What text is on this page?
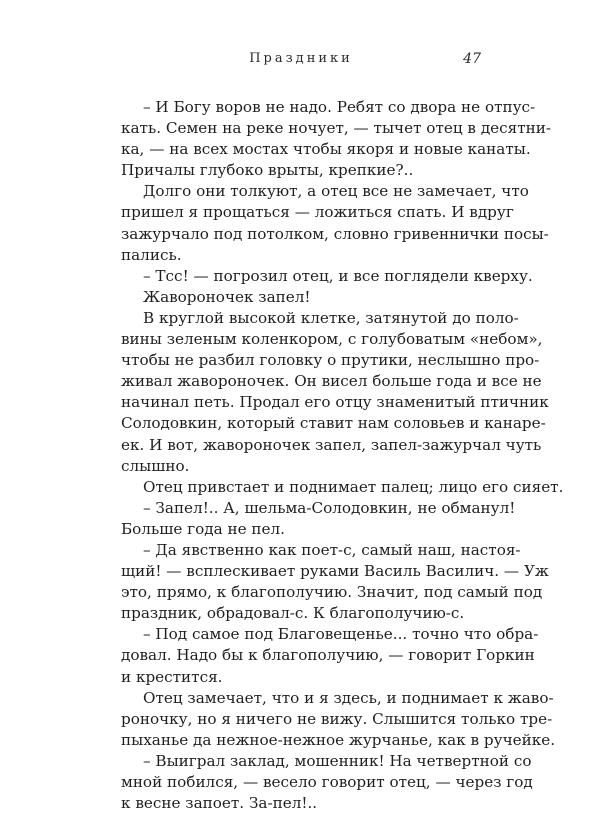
Праздники	47
– И Богу воров не надо. Ребят со двора не отпус-
кать. Семен на реке ночует, — тычет отец в десятни-
ка, — на всех мостах чтобы якоря и новые канаты.
Причалы глубоко врыты, крепкие?..
Долго они толкуют, а отец все не замечает, что
пришел я прощаться — ложиться спать. И вдруг
зажурчало под потолком, словно гривеннички посы-
пались.
– Тсс! — погрозил отец, и все поглядели кверху.
Жавороночек запел!
В круглой высокой клетке, затянутой до поло-
вины зеленым коленкором, с голубоватым «небом»,
чтобы не разбил головку о прутики, неслышно про-
живал жавороночек. Он висел больше года и все не
начинал петь. Продал его отцу знаменитый птичник
Солодовкин, который ставит нам соловьев и канаре-
ек. И вот, жавороночек запел, запел-зажурчал чуть
слышно.
Отец привстает и поднимает палец; лицо его сияет.
– Запел!.. А, шельма-Солодовкин, не обманул!
Больше года не пел.
– Да явственно как поет-с, самый наш, настоя-
щий! — всплескивает руками Василь Василич. — Уж
это, прямо, к благополучию. Значит, под самый под
праздник, обрадовал-с. К благополучию-с.
– Под самое под Благовещенье... точно что обра-
довал. Надо бы к благополучию, — говорит Горкин
и крестится.
Отец замечает, что и я здесь, и поднимает к жаво-
роночку, но я ничего не вижу. Слышится только тре-
пыханье да нежное-нежное журчанье, как в ручейке.
– Выиграл заклад, мошенник! На четвертной со
мной побился, — весело говорит отец, — через год
к весне запоет. За-пел!..
